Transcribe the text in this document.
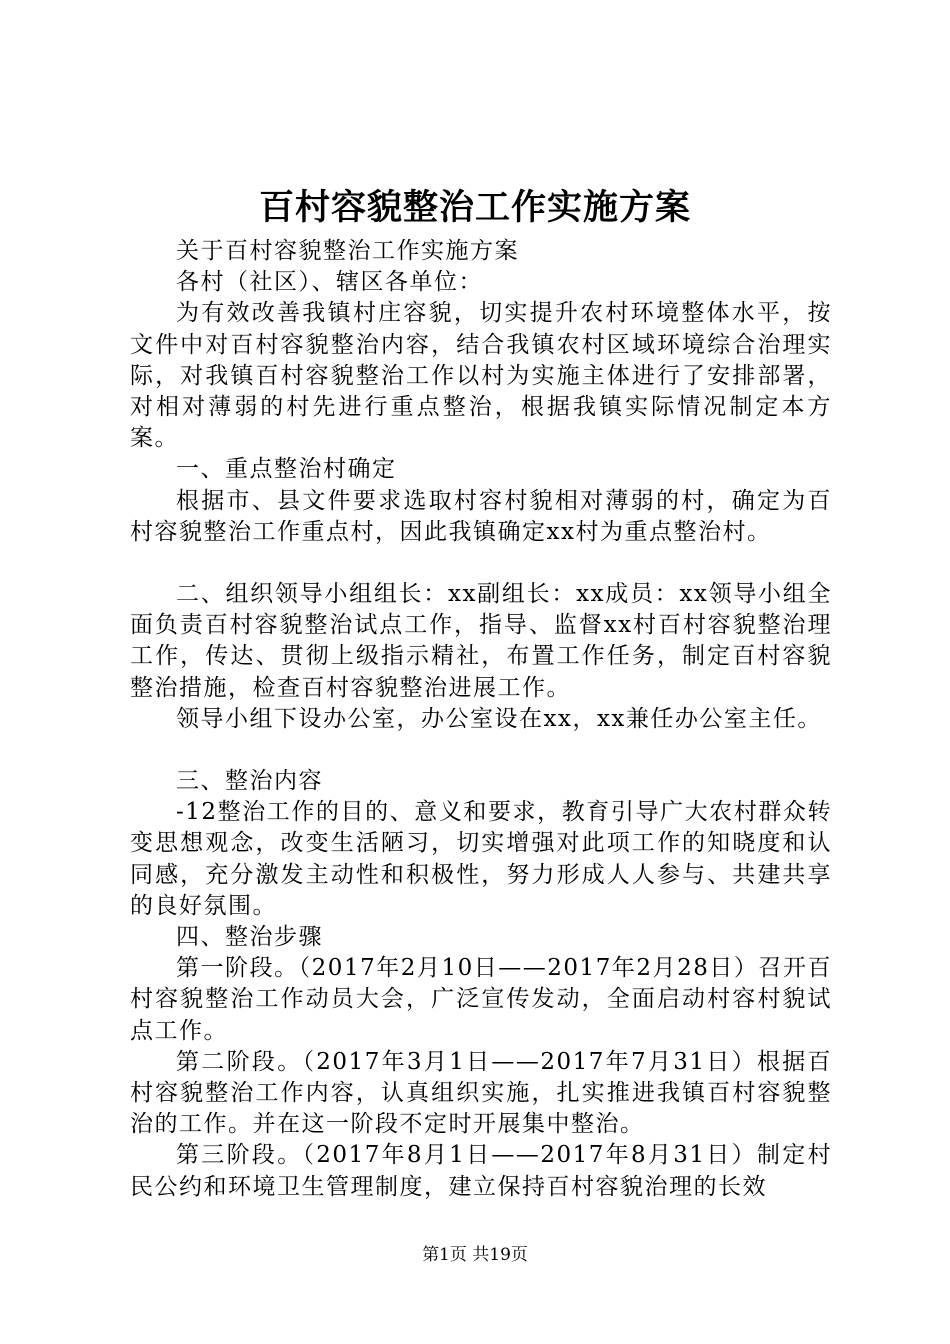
百村容貌整治工作实施方案

关于百村容貌整治工作实施方案

各村（社区）、辖区各单位：

为有效改善我镇村庄容貌，切实提升农村环境整体水平，按文件中对百村容貌整治内容，结合我镇农村区域环境综合治理实际，对我镇百村容貌整治工作以村为实施主体进行了安排部署，对相对薄弱的村先进行重点整治，根据我镇实际情况制定本方案。

一、重点整治村确定

根据市、县文件要求选取村容村貌相对薄弱的村，确定为百村容貌整治工作重点村，因此我镇确定xx村为重点整治村。

二、组织领导小组组长：xx副组长：xx成员：xx领导小组全面负责百村容貌整治试点工作，指导、监督xx村百村容貌整治理工作，传达、贯彻上级指示精社，布置工作任务，制定百村容貌整治措施，检查百村容貌整治进展工作。

领导小组下设办公室，办公室设在xx，xx兼任办公室主任。

三、整治内容

-12整治工作的目的、意义和要求，教育引导广大农村群众转变思想观念，改变生活陋习，切实增强对此项工作的知晓度和认同感，充分激发主动性和积极性，努力形成人人参与、共建共享的良好氛围。

四、整治步骤

第一阶段。（2017年2月10日——2017年2月28日）召开百村容貌整治工作动员大会，广泛宣传发动，全面启动村容村貌试点工作。

第二阶段。（2017年3月1日——2017年7月31日）根据百村容貌整治工作内容，认真组织实施，扎实推进我镇百村容貌整治的工作。并在这一阶段不定时开展集中整治。

第三阶段。（2017年8月1日——2017年8月31日）制定村民公约和环境卫生管理制度，建立保持百村容貌治理的长效

第1页 共19页
